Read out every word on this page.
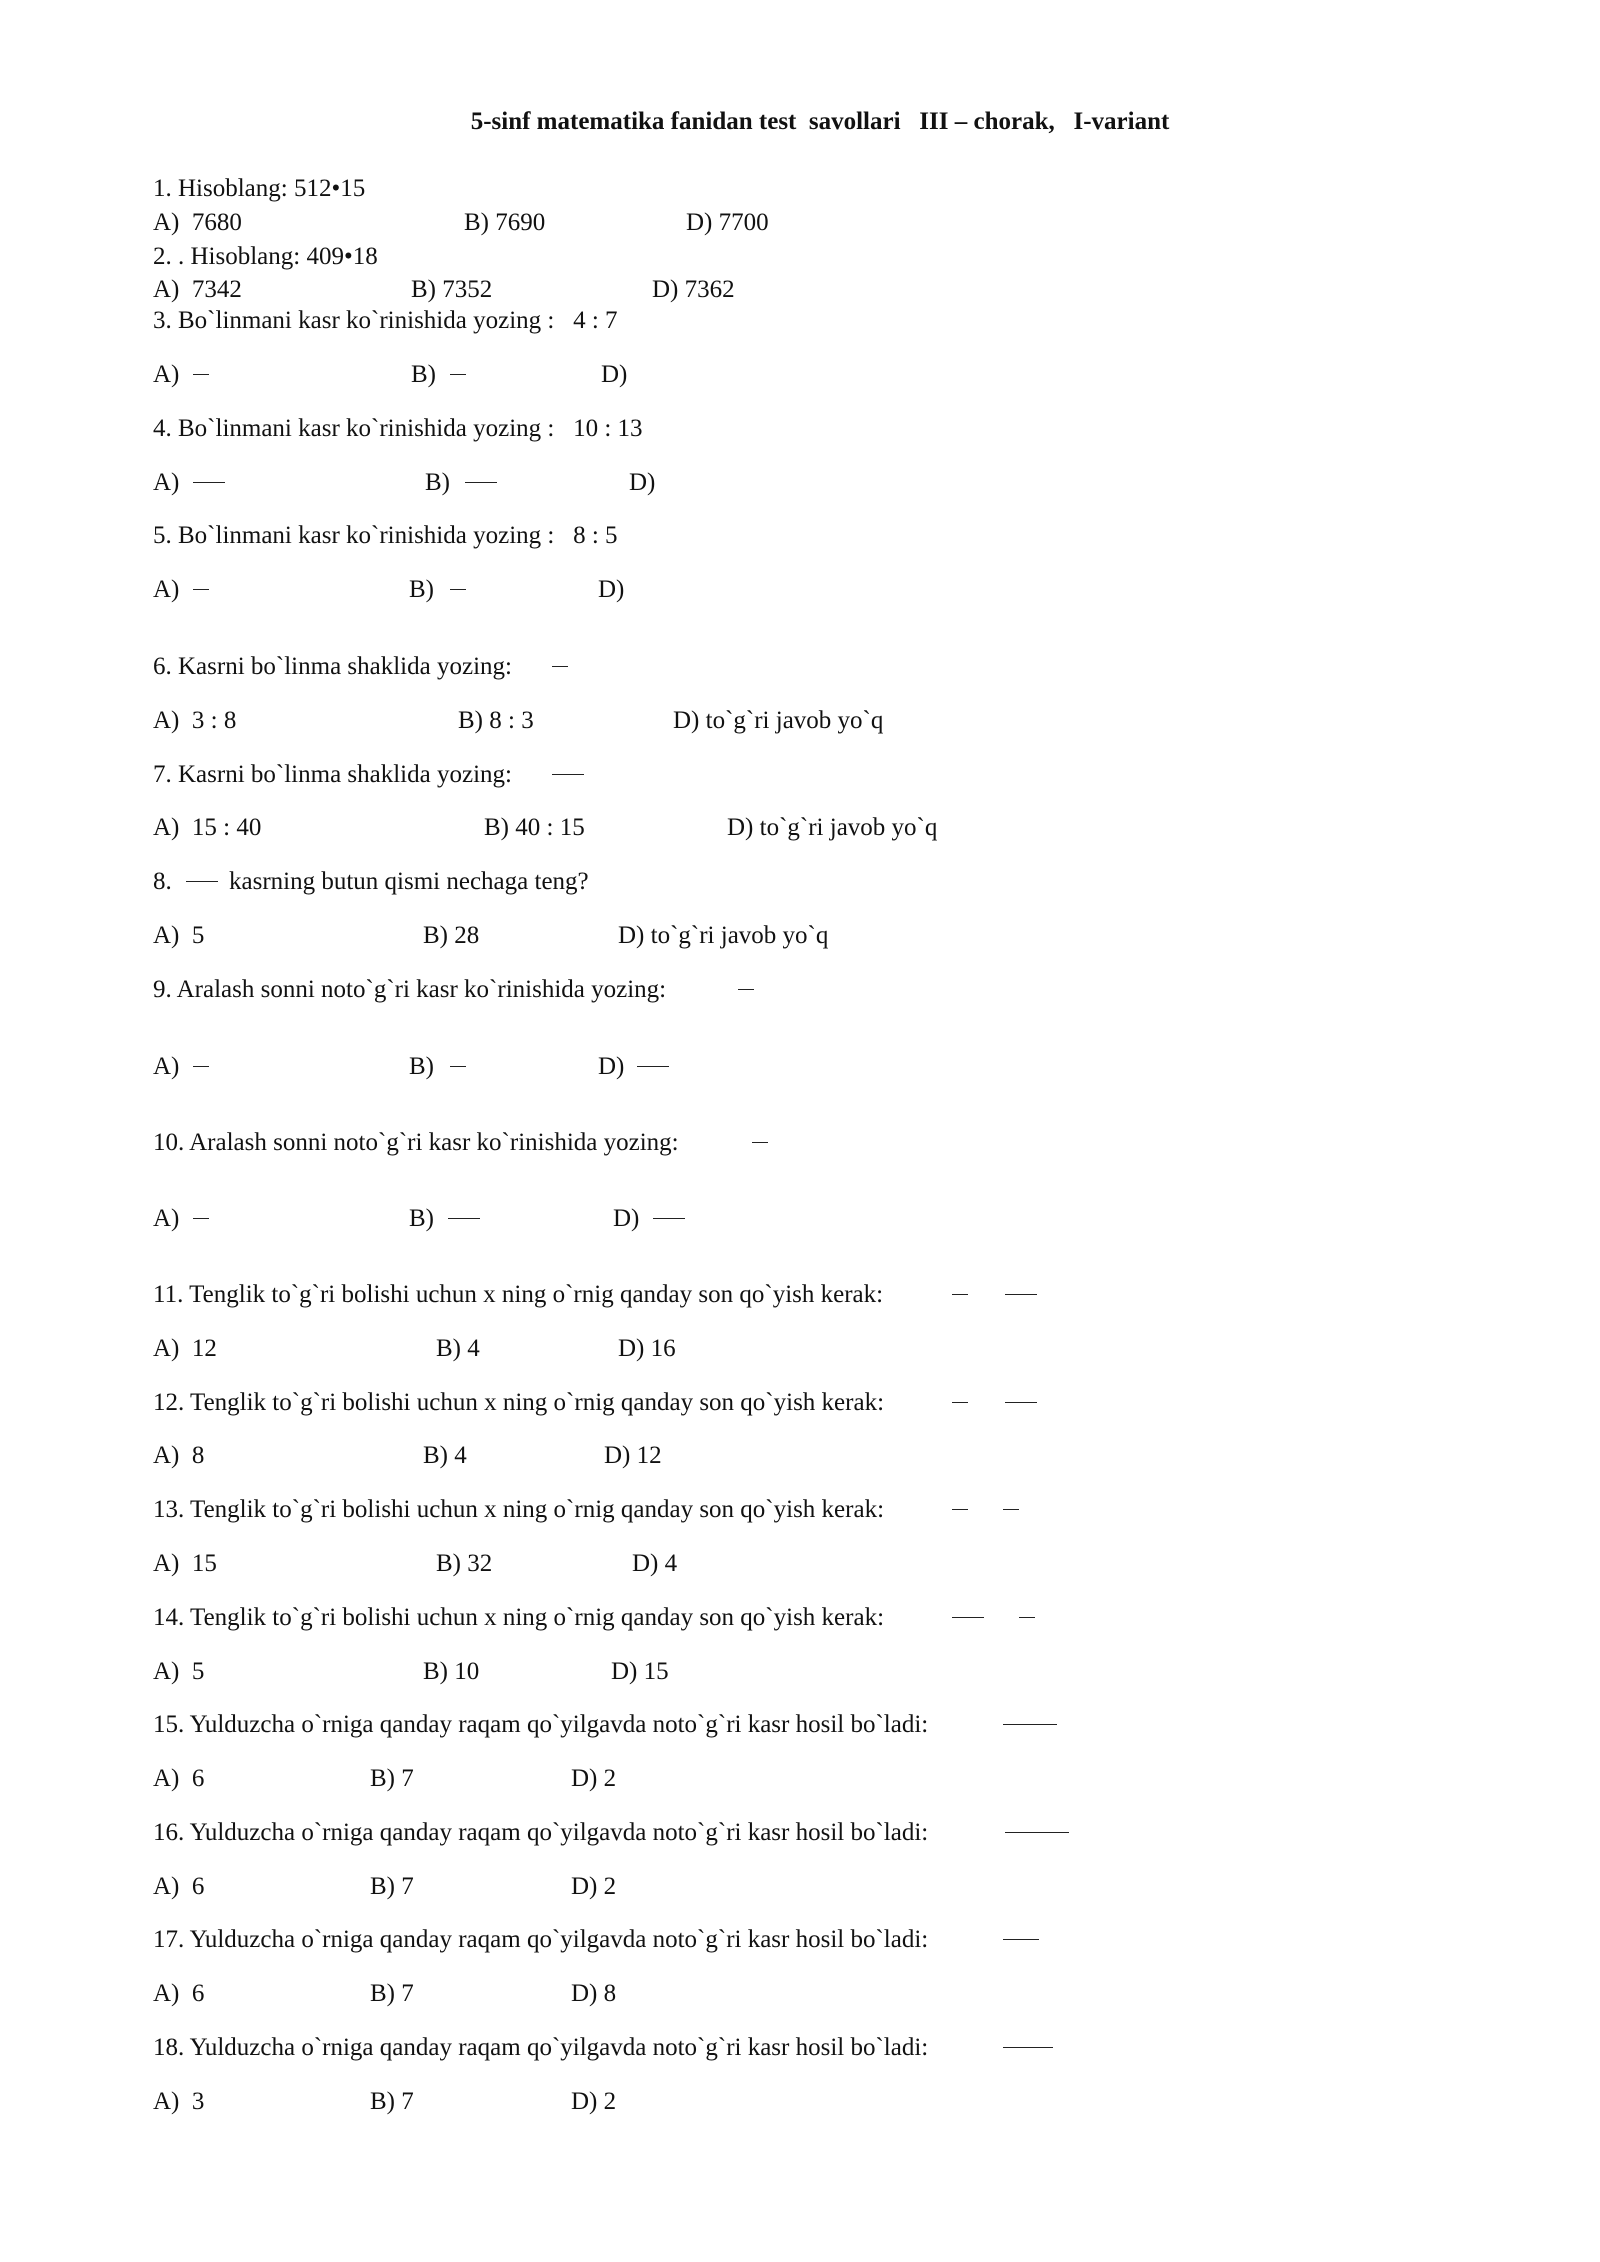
5-sinf matematika fanidan test  savollari   III – chorak,   I-variant
1. Hisoblang: 512•15
A)  7680	B) 7690	D) 7700
2. . Hisoblang: 409•18
A)  7342	B) 7352	D) 7362
3. Bo`linmani kasr ko`rinishida yozing :   4 : 7
A)	B)	D)
4. Bo`linmani kasr ko`rinishida yozing :   10 : 13
A)	B)	D)
5. Bo`linmani kasr ko`rinishida yozing :   8 : 5
A)	B)	D)
6. Kasrni bo`linma shaklida yozing:
A)  3 : 8	B) 8 : 3	D) to`g`ri javob yo`q
7. Kasrni bo`linma shaklida yozing:
A)  15 : 40	B) 40 : 15	D) to`g`ri javob yo`q
8. kasrning butun qismi nechaga teng?
A)  5	B) 28	D) to`g`ri javob yo`q
9. Aralash sonni noto`g`ri kasr ko`rinishida yozing:
A)	B)	D)
10. Aralash sonni noto`g`ri kasr ko`rinishida yozing:
A)	B)	D)
11. Tenglik to`g`ri bolishi uchun x ning o`rnig qanday son qo`yish kerak:
A)  12	B) 4	D) 16
12. Tenglik to`g`ri bolishi uchun x ning o`rnig qanday son qo`yish kerak:
A)  8	B) 4	D) 12
13. Tenglik to`g`ri bolishi uchun x ning o`rnig qanday son qo`yish kerak:
A)  15	B) 32	D) 4
14. Tenglik to`g`ri bolishi uchun x ning o`rnig qanday son qo`yish kerak:
A)  5	B) 10	D) 15
15. Yulduzcha o`rniga qanday raqam qo`yilgavda noto`g`ri kasr hosil bo`ladi:
A)  6	B) 7	D) 2
16. Yulduzcha o`rniga qanday raqam qo`yilgavda noto`g`ri kasr hosil bo`ladi:
A)  6	B) 7	D) 2
17. Yulduzcha o`rniga qanday raqam qo`yilgavda noto`g`ri kasr hosil bo`ladi:
A)  6	B) 7	D) 8
18. Yulduzcha o`rniga qanday raqam qo`yilgavda noto`g`ri kasr hosil bo`ladi:
A)  3	B) 7	D) 2
